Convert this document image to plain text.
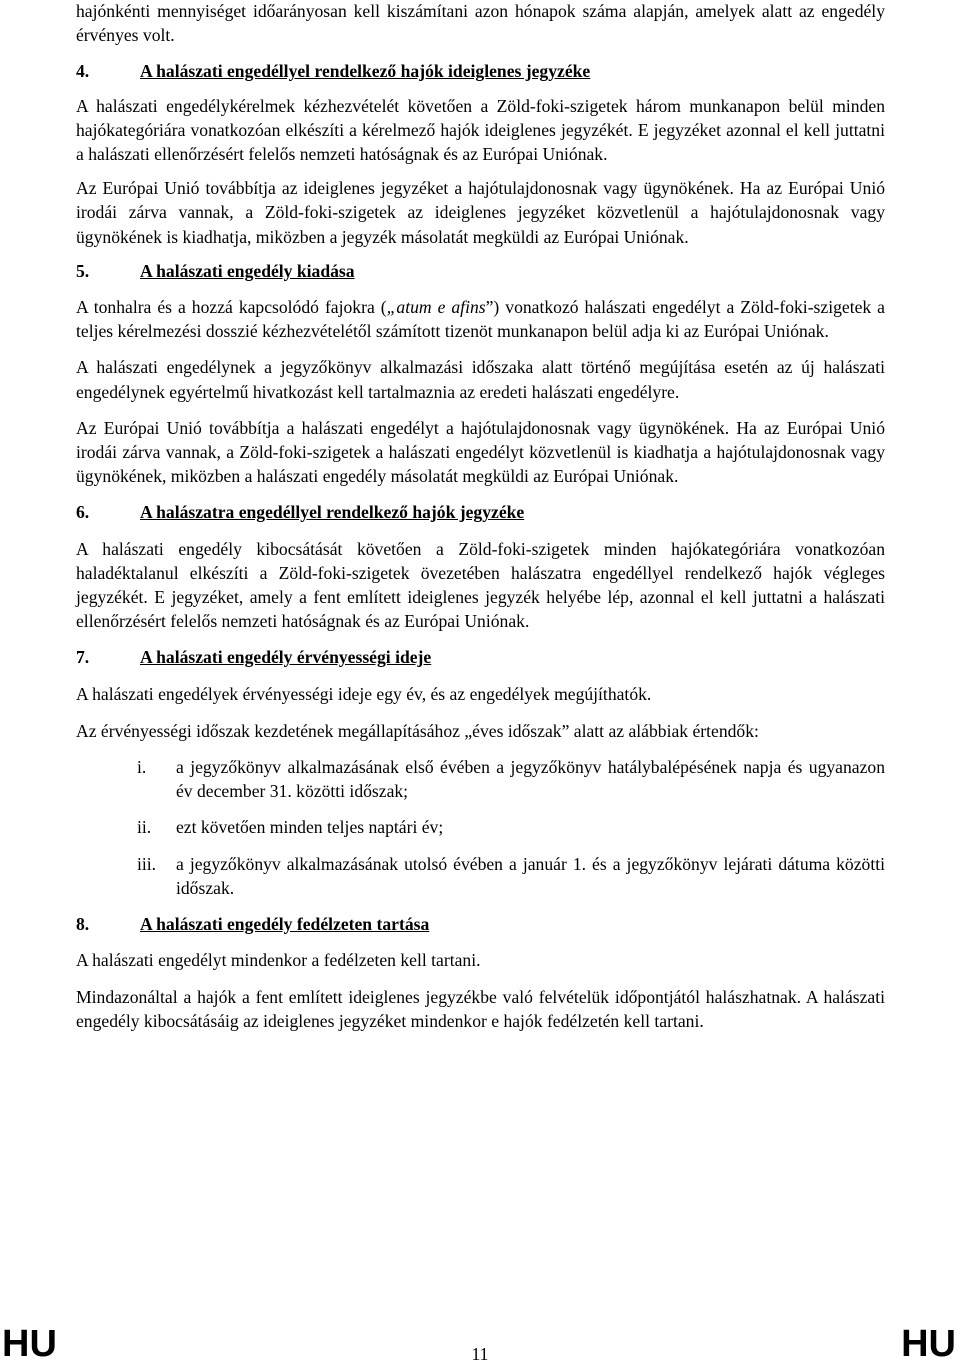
hajónkénti mennyiséget időarányosan kell kiszámítani azon hónapok száma alapján, amelyek alatt az engedély érvényes volt.

4.	A halászati engedéllyel rendelkező hajók ideiglenes jegyzéke

A halászati engedélykérelmek kézhezvételét követően a Zöld-foki-szigetek három munkanapon belül minden hajókategóriára vonatkozóan elkészíti a kérelmező hajók ideiglenes jegyzékét. E jegyzéket azonnal el kell juttatni a halászati ellenőrzésért felelős nemzeti hatóságnak és az Európai Uniónak.

Az Európai Unió továbbítja az ideiglenes jegyzéket a hajótulajdonosnak vagy ügynökének. Ha az Európai Unió irodái zárva vannak, a Zöld-foki-szigetek az ideiglenes jegyzéket közvetlenül a hajótulajdonosnak vagy ügynökének is kiadhatja, miközben a jegyzék másolatát megküldi az Európai Uniónak.

5.	A halászati engedély kiadása

A tonhalra és a hozzá kapcsolódó fajokra („atum e afins”) vonatkozó halászati engedélyt a Zöld-foki-szigetek a teljes kérelmezési dosszié kézhezvételétől számított tizenöt munkanapon belül adja ki az Európai Uniónak.

A halászati engedélynek a jegyzőkönyv alkalmazási időszaka alatt történő megújítása esetén az új halászati engedélynek egyértelmű hivatkozást kell tartalmaznia az eredeti halászati engedélyre.

Az Európai Unió továbbítja a halászati engedélyt a hajótulajdonosnak vagy ügynökének. Ha az Európai Unió irodái zárva vannak, a Zöld-foki-szigetek a halászati engedélyt közvetlenül is kiadhatja a hajótulajdonosnak vagy ügynökének, miközben a halászati engedély másolatát megküldi az Európai Uniónak.

6.	A halászatra engedéllyel rendelkező hajók jegyzéke

A halászati engedély kibocsátását követően a Zöld-foki-szigetek minden hajókategóriára vonatkozóan haladéktalanul elkészíti a Zöld-foki-szigetek övezetében halászatra engedéllyel rendelkező hajók végleges jegyzékét. E jegyzéket, amely a fent említett ideiglenes jegyzék helyébe lép, azonnal el kell juttatni a halászati ellenőrzésért felelős nemzeti hatóságnak és az Európai Uniónak.

7.	A halászati engedély érvényességi ideje

A halászati engedélyek érvényességi ideje egy év, és az engedélyek megújíthatók.

Az érvényességi időszak kezdetének megállapításához „éves időszak” alatt az alábbiak értendők:

i.	a jegyzőkönyv alkalmazásának első évében a jegyzőkönyv hatálybalépésének napja és ugyanazon év december 31. közötti időszak;
ii.	ezt követően minden teljes naptári év;
iii.	a jegyzőkönyv alkalmazásának utolsó évében a január 1. és a jegyzőkönyv lejárati dátuma közötti időszak.
8.	A halászati engedély fedélzeten tartása

A halászati engedélyt mindenkor a fedélzeten kell tartani.

Mindazonáltal a hajók a fent említett ideiglenes jegyzékbe való felvételük időpontjától halászhatnak. A halászati engedély kibocsátásáig az ideiglenes jegyzéket mindenkor e hajók fedélzetén kell tartani.

HU	11	HU
